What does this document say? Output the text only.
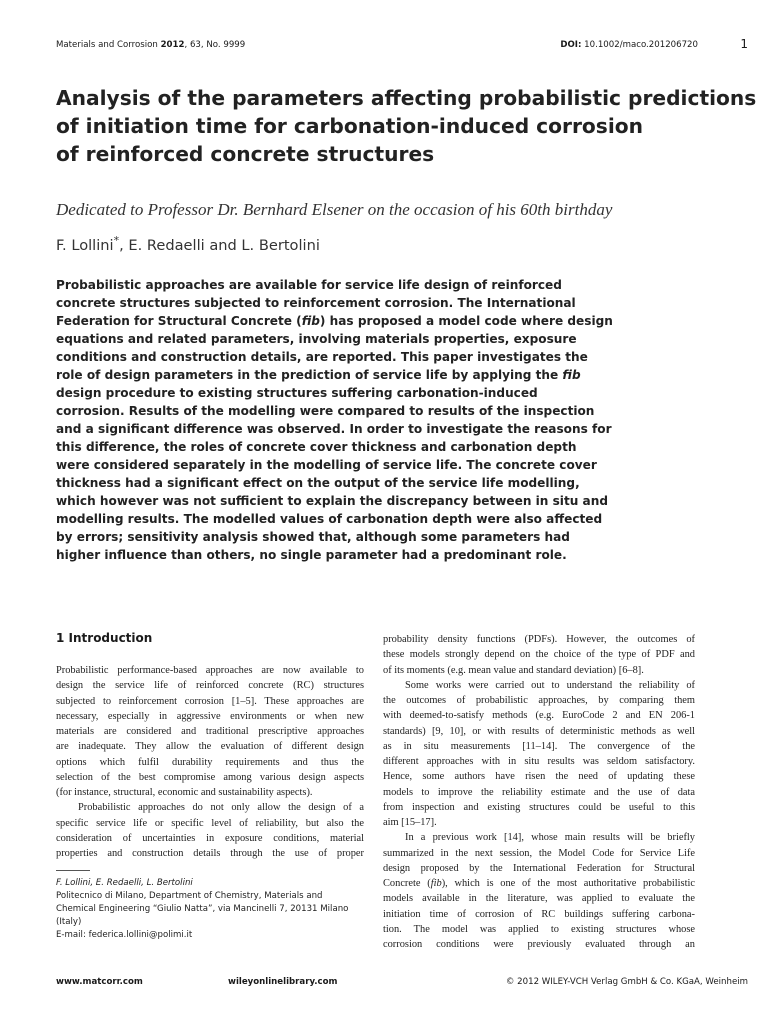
Materials and Corrosion 2012, 63, No. 9999	DOI: 10.1002/maco.201206720	1
Analysis of the parameters affecting probabilistic predictions
of initiation time for carbonation-induced corrosion
of reinforced concrete structures
Dedicated to Professor Dr. Bernhard Elsener on the occasion of his 60th birthday
F. Lollini*, E. Redaelli and L. Bertolini
Probabilistic approaches are available for service life design of reinforced
concrete structures subjected to reinforcement corrosion. The International
Federation for Structural Concrete (fib) has proposed a model code where design
equations and related parameters, involving materials properties, exposure
conditions and construction details, are reported. This paper investigates the
role of design parameters in the prediction of service life by applying the fib
design procedure to existing structures suffering carbonation-induced
corrosion. Results of the modelling were compared to results of the inspection
and a significant difference was observed. In order to investigate the reasons for
this difference, the roles of concrete cover thickness and carbonation depth
were considered separately in the modelling of service life. The concrete cover
thickness had a significant effect on the output of the service life modelling,
which however was not sufficient to explain the discrepancy between in situ and
modelling results. The modelled values of carbonation depth were also affected
by errors; sensitivity analysis showed that, although some parameters had
higher influence than others, no single parameter had a predominant role.
1 Introduction
Probabilistic performance-based approaches are now available to
design the service life of reinforced concrete (RC) structures
subjected to reinforcement corrosion [1–5]. These approaches are
necessary, especially in aggressive environments or when new
materials are considered and traditional prescriptive approaches
are inadequate. They allow the evaluation of different design
options which fulfil durability requirements and thus the
selection of the best compromise among various design aspects
(for instance, structural, economic and sustainability aspects).
Probabilistic approaches do not only allow the design of a
specific service life or specific level of reliability, but also the
consideration of uncertainties in exposure conditions, material
properties and construction details through the use of proper
probability density functions (PDFs). However, the outcomes of
these models strongly depend on the choice of the type of PDF and
of its moments (e.g. mean value and standard deviation) [6–8].
Some works were carried out to understand the reliability of
the outcomes of probabilistic approaches, by comparing them
with deemed-to-satisfy methods (e.g. EuroCode 2 and EN 206-1
standards) [9, 10], or with results of deterministic methods as well
as in situ measurements [11–14]. The convergence of the
different approaches with in situ results was seldom satisfactory.
Hence, some authors have risen the need of updating these
models to improve the reliability estimate and the use of data
from inspection and existing structures could be useful to this
aim [15–17].
In a previous work [14], whose main results will be briefly
summarized in the next session, the Model Code for Service Life
design proposed by the International Federation for Structural
Concrete (fib), which is one of the most authoritative probabilistic
models available in the literature, was applied to evaluate the
initiation time of corrosion of RC buildings suffering carbona-
tion. The model was applied to existing structures whose
corrosion conditions were previously evaluated through an
F. Lollini, E. Redaelli, L. Bertolini
Politecnico di Milano, Department of Chemistry, Materials and
Chemical Engineering “Giulio Natta”, via Mancinelli 7, 20131 Milano
(Italy)
E-mail: federica.lollini@polimi.it
www.matcorr.com	wileyonlinelibrary.com	© 2012 WILEY-VCH Verlag GmbH & Co. KGaA, Weinheim
